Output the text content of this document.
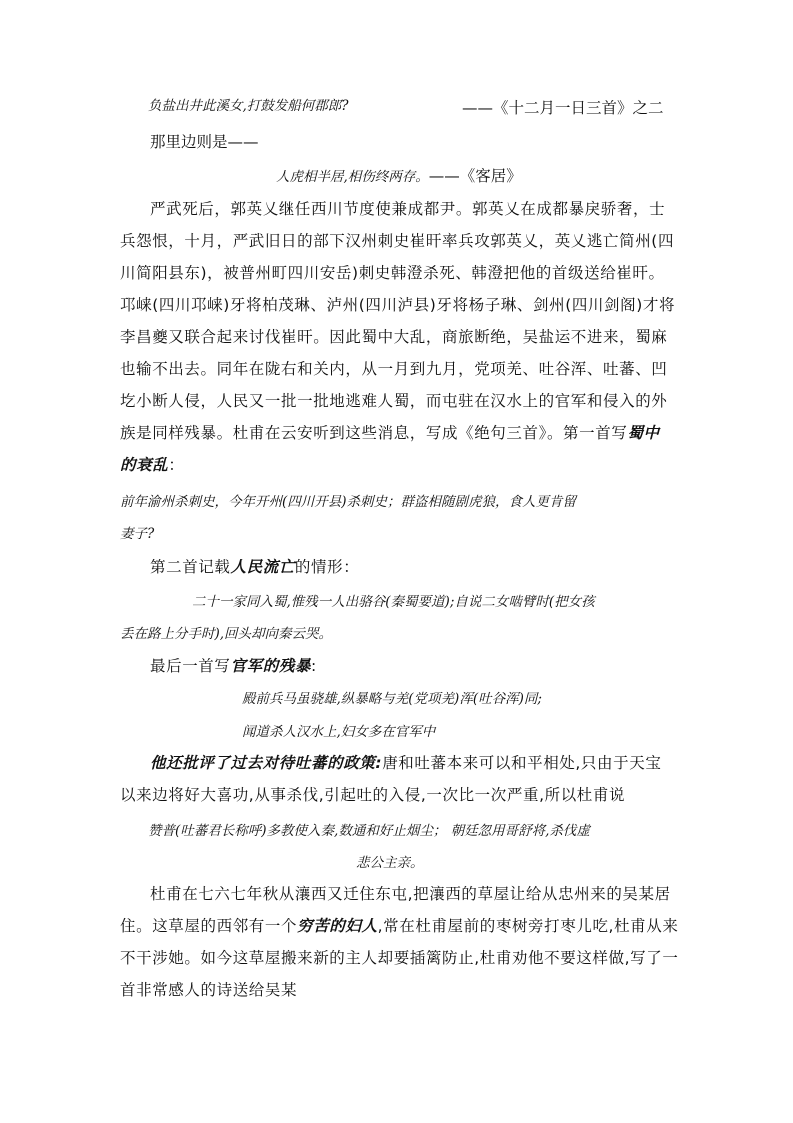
负盐出井此溪女,打鼓发船何郡郎?	——《十二月一日三首》之二
那里边则是——
人虎相半居,相伤终两存。——《客居》
严武死后，郭英乂继任西川节度使兼成都尹。郭英乂在成都暴戾骄奢，士
兵怨恨，十月，严武旧日的部下汉州刺史崔旰率兵攻郭英乂，英乂逃亡简州(四
川简阳县东)，被普州町四川安岳)刺史韩澄杀死、韩澄把他的首级送给崔旰。
邛崃(四川邛崃)牙将柏茂琳、泸州(四川泸县)牙将杨子琳、剑州(四川剑阁)才将
李昌夔又联合起来讨伐崔旰。因此蜀中大乱，商旅断绝，吴盐运不进来，蜀麻
也输不出去。同年在陇右和关内，从一月到九月，党项羌、吐谷浑、吐蕃、凹
圪小断人侵，人民又一批一批地逃难人蜀，而屯驻在汉水上的官军和侵入的外
族是同样残暴。杜甫在云安听到这些消息，写成《绝句三首》。第一首写蜀中
的衰乱：
前年渝州杀刺史，今年开州(四川开县)杀刺史；群盗相随剧虎狼，食人更肯留
妻子?
第二首记载人民流亡的情形：
二十一家同入蜀,惟残一人出骆谷(秦蜀要道);自说二女啮臂时(把女孩
丢在路上分手时),回头却向秦云哭。
最后一首写官军的残暴:
殿前兵马虽骁雄,纵暴略与羌(党项羌)浑(吐谷浑)同;
闻道杀人汉水上,妇女多在官军中
他还批评了过去对待吐蕃的政策:唐和吐蕃本来可以和平相处,只由于天宝
以来边将好大喜功,从事杀伐,引起吐的入侵,一次比一次严重,所以杜甫说
赞普(吐蕃君长称呼)多教使入秦,数通和好止烟尘； 朝廷忽用哥舒将,杀伐虚
悲公主亲。
杜甫在七六七年秋从瀼西又迁住东屯,把瀼西的草屋让给从忠州来的吴某居
住。这草屋的西邻有一个穷苦的妇人,常在杜甫屋前的枣树旁打枣儿吃,杜甫从来
不干涉她。如今这草屋搬来新的主人却要插篱防止,杜甫劝他不要这样做,写了一
首非常感人的诗送给吴某
